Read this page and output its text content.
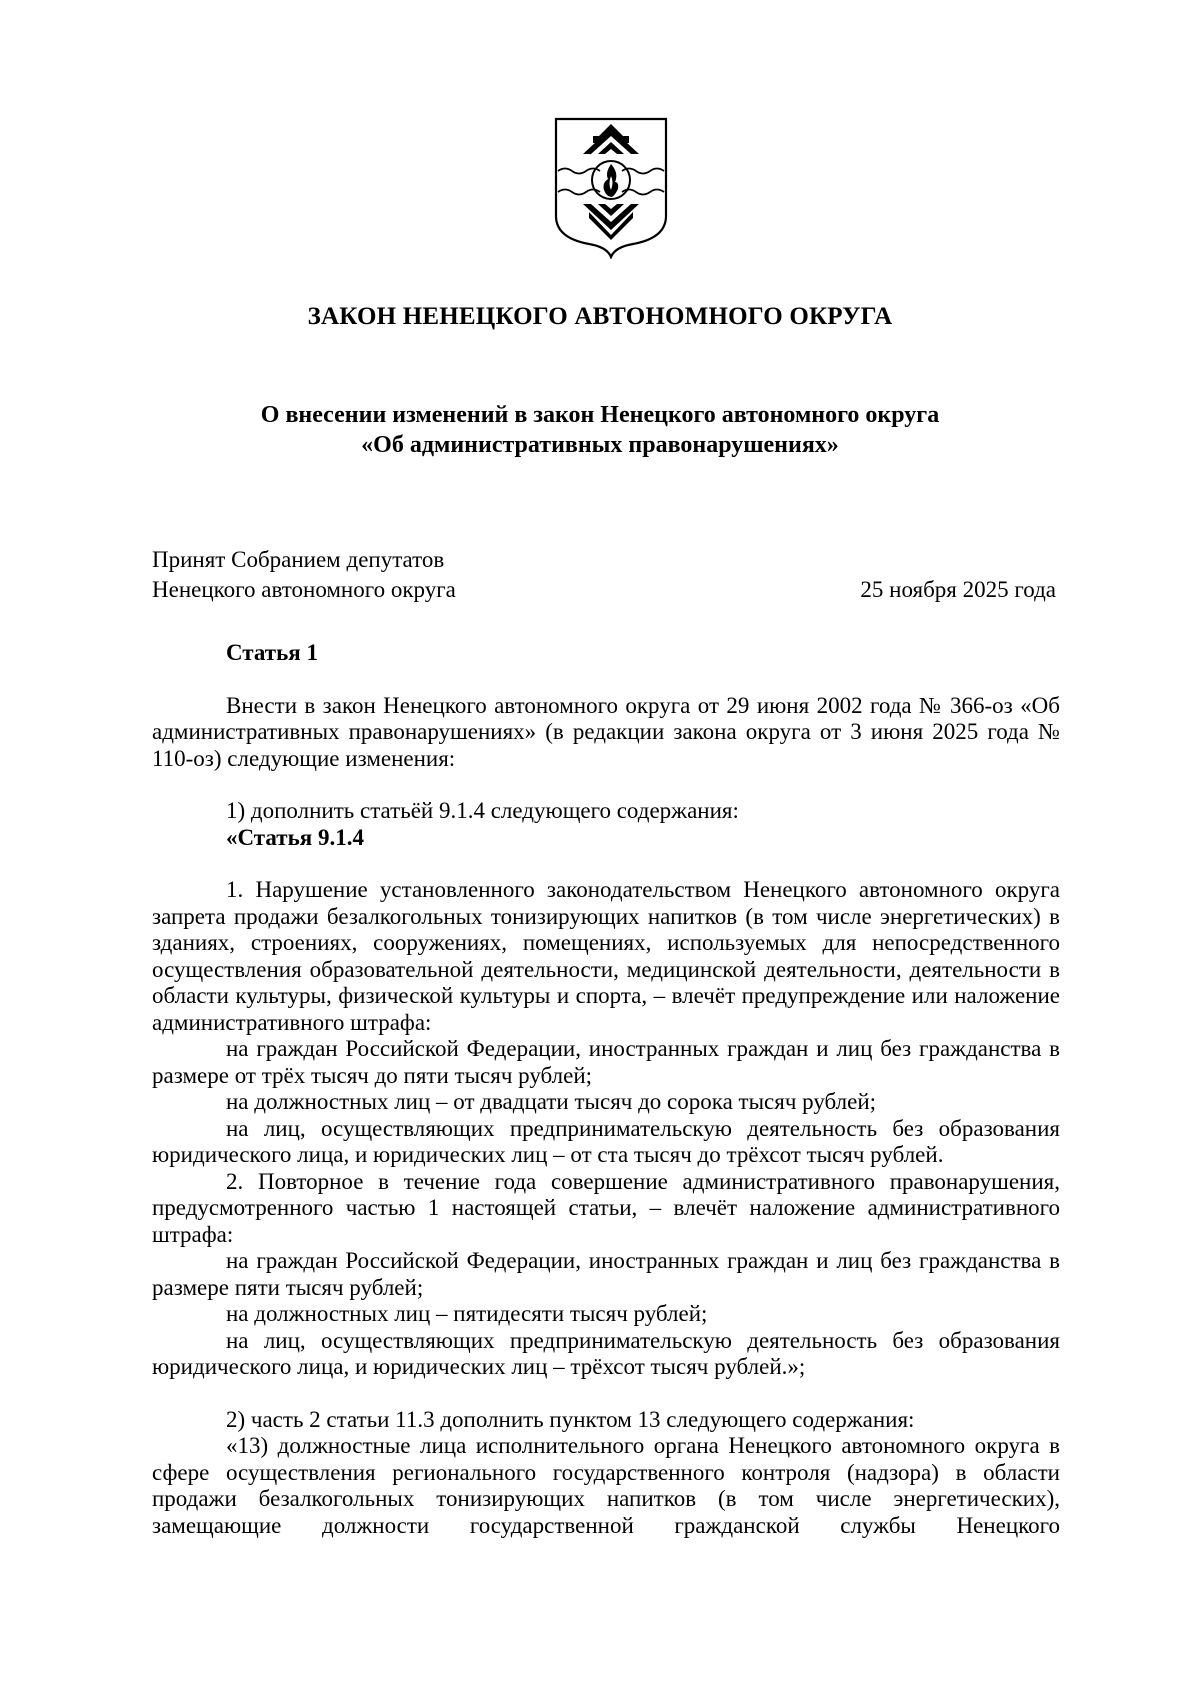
ЗАКОН НЕНЕЦКОГО АВТОНОМНОГО ОКРУГА
О внесении изменений в закон Ненецкого автономного округа
«Об административных правонарушениях»
Принят Собранием депутатов
Ненецкого автономного округа	25 ноября 2025 года

Статья 1

Внести в закон Ненецкого автономного округа от 29 июня 2002 года № 366-оз «Об административных правонарушениях» (в редакции закона округа от 3 июня 2025 года № 110-оз) следующие изменения:

1) дополнить статьёй 9.1.4 следующего содержания:

«Статья 9.1.4

1. Нарушение установленного законодательством Ненецкого автономного округа запрета продажи безалкогольных тонизирующих напитков (в том числе энергетических) в зданиях, строениях, сооружениях, помещениях, используемых для непосредственного осуществления образовательной деятельности, медицинской деятельности, деятельности в области культуры, физической культуры и спорта, – влечёт предупреждение или наложение административного штрафа:

на граждан Российской Федерации, иностранных граждан и лиц без гражданства в размере от трёх тысяч до пяти тысяч рублей;

на должностных лиц – от двадцати тысяч до сорока тысяч рублей;

на лиц, осуществляющих предпринимательскую деятельность без образования юридического лица, и юридических лиц – от ста тысяч до трёхсот тысяч рублей.

2. Повторное в течение года совершение административного правонарушения, предусмотренного частью 1 настоящей статьи, – влечёт наложение административного штрафа:

на граждан Российской Федерации, иностранных граждан и лиц без гражданства в размере пяти тысяч рублей;

на должностных лиц – пятидесяти тысяч рублей;

на лиц, осуществляющих предпринимательскую деятельность без образования юридического лица, и юридических лиц – трёхсот тысяч рублей.»;

2) часть 2 статьи 11.3 дополнить пунктом 13 следующего содержания:

«13) должностные лица исполнительного органа Ненецкого автономного округа в сфере осуществления регионального государственного контроля (надзора) в области продажи безалкогольных тонизирующих напитков (в том числе энергетических), замещающие должности государственной гражданской службы Ненецкого
